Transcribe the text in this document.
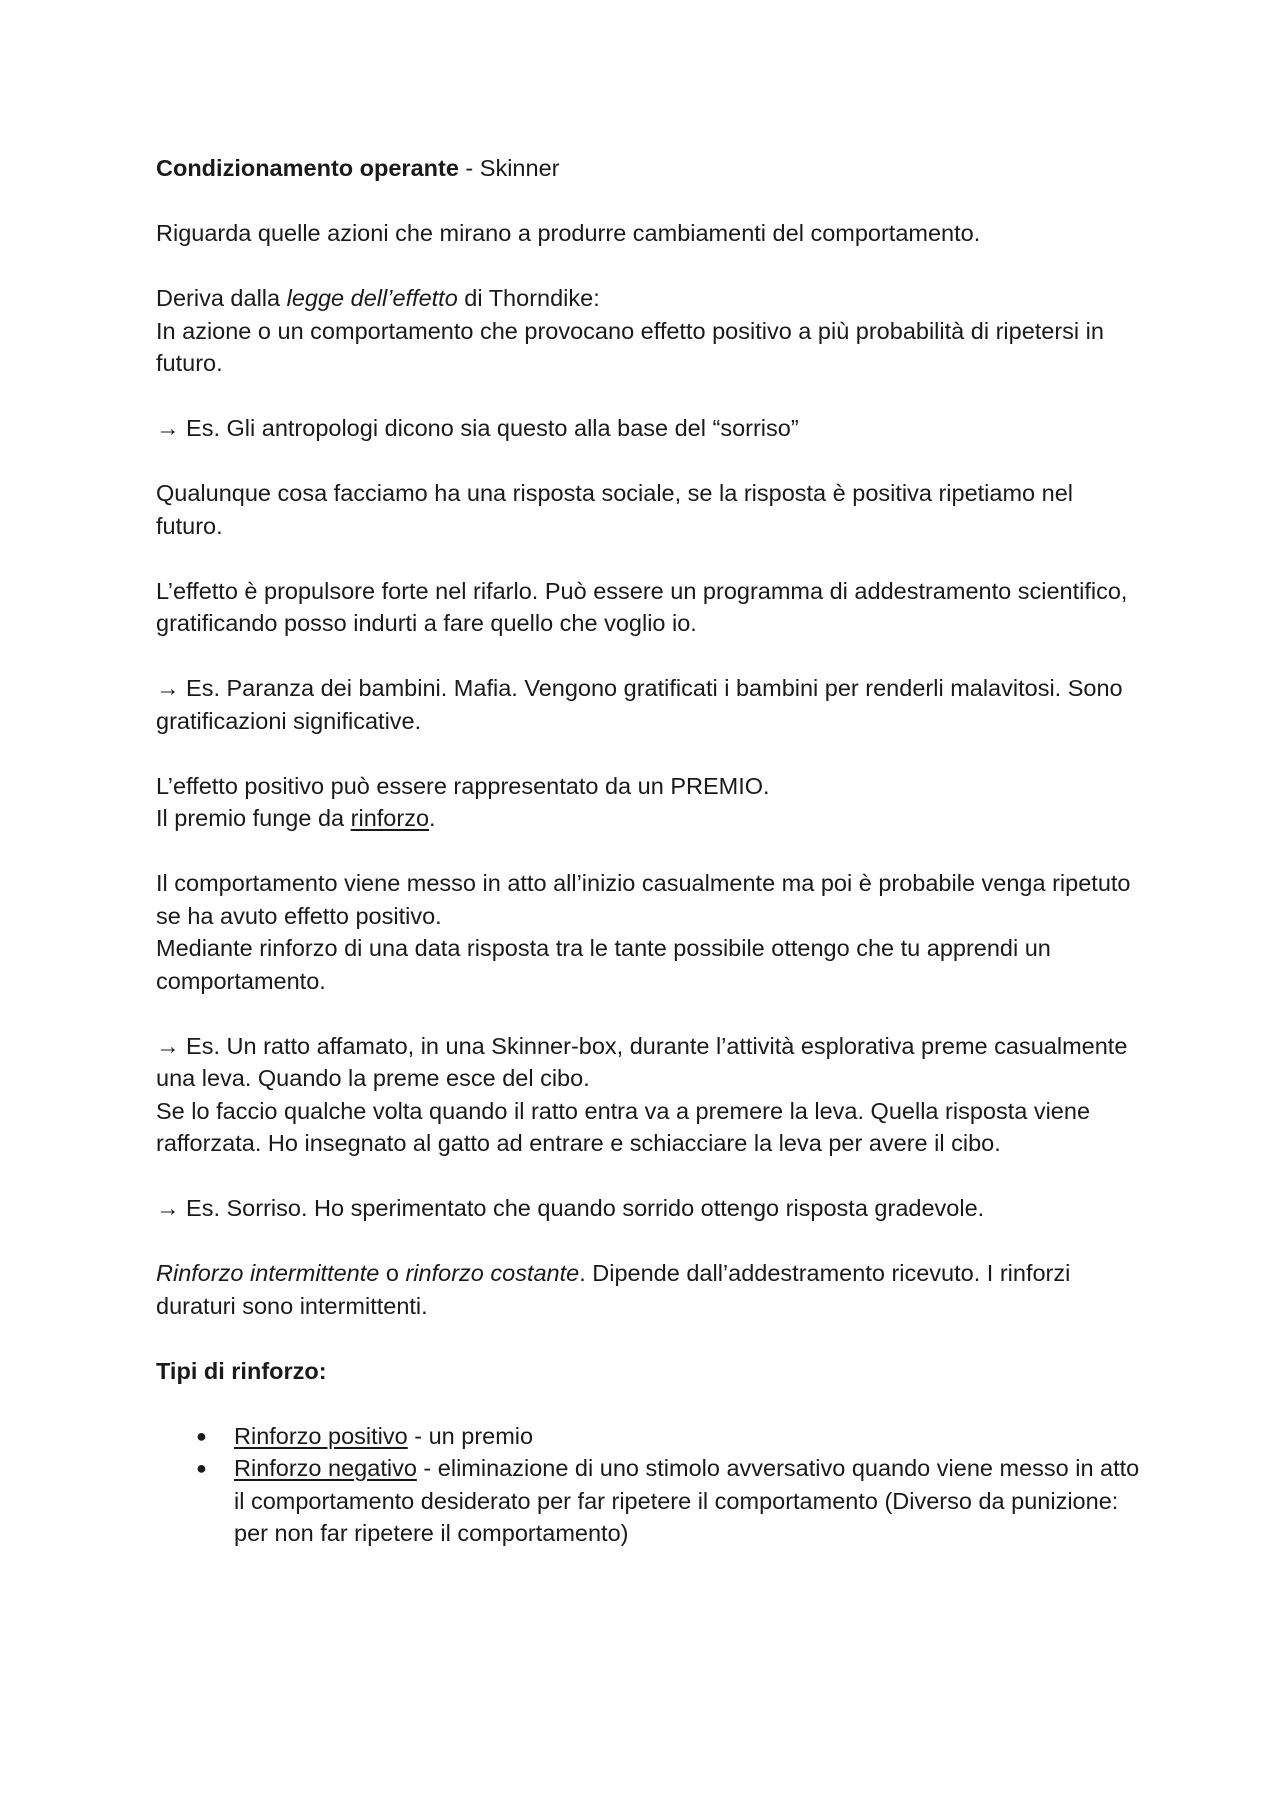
Condizionamento operante - Skinner

Riguarda quelle azioni che mirano a produrre cambiamenti del comportamento.

Deriva dalla legge dell’effetto di Thorndike:

In azione o un comportamento che provocano effetto positivo a più probabilità di ripetersi in futuro.

→ Es. Gli antropologi dicono sia questo alla base del “sorriso”

Qualunque cosa facciamo ha una risposta sociale, se la risposta è positiva ripetiamo nel futuro.

L’effetto è propulsore forte nel rifarlo. Può essere un programma di addestramento scientifico, gratificando posso indurti a fare quello che voglio io.

→ Es. Paranza dei bambini. Mafia. Vengono gratificati i bambini per renderli malavitosi. Sono gratificazioni significative.

L’effetto positivo può essere rappresentato da un PREMIO.

Il premio funge da rinforzo.

Il comportamento viene messo in atto all’inizio casualmente ma poi è probabile venga ripetuto se ha avuto effetto positivo.

Mediante rinforzo di una data risposta tra le tante possibile ottengo che tu apprendi un comportamento.

→ Es. Un ratto affamato, in una Skinner-box, durante l’attività esplorativa preme casualmente una leva. Quando la preme esce del cibo.

Se lo faccio qualche volta quando il ratto entra va a premere la leva. Quella risposta viene rafforzata. Ho insegnato al gatto ad entrare e schiacciare la leva per avere il cibo.

→ Es. Sorriso. Ho sperimentato che quando sorrido ottengo risposta gradevole.

Rinforzo intermittente o rinforzo costante. Dipende dall’addestramento ricevuto. I rinforzi duraturi sono intermittenti.

Tipi di rinforzo:

● Rinforzo positivo - un premio
● Rinforzo negativo - eliminazione di uno stimolo avversativo quando viene messo in atto il comportamento desiderato per far ripetere il comportamento (Diverso da punizione: per non far ripetere il comportamento)
